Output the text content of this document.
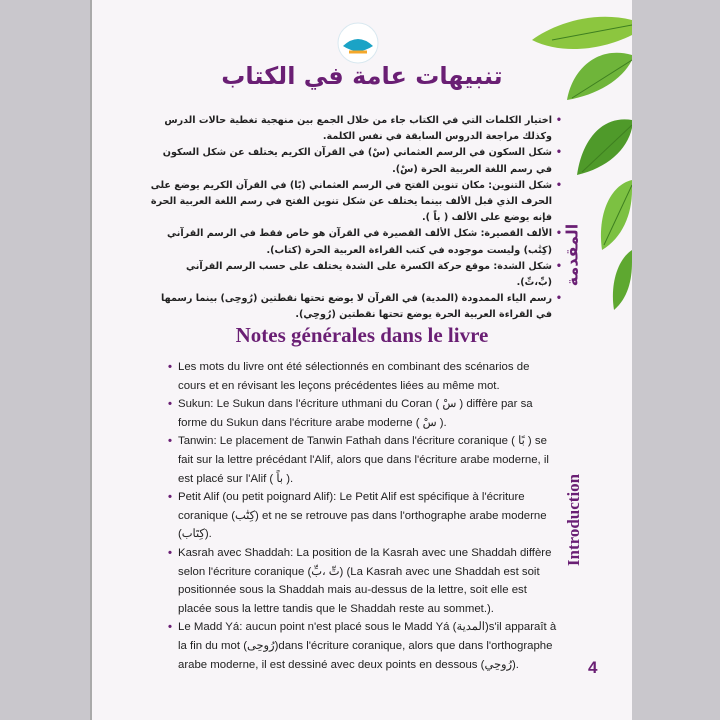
تنبيهات عامة في الكتاب
• اختيار الكلمات التي في الكتاب جاء من خلال الجمع بين منهجية تغطية حالات الدرس وكذلك مراجعة الدروس السابقة في نفس الكلمة.
• شكل السكون في الرسم العثماني (سْ) في القرآن الكريم يختلف عن شكل السكون في رسم اللغة العربية الحرة (سْ).
• شكل التنوين: مكان تنوين الفتح في الرسم العثماني (بًا) في القرآن الكريم يوضع على الحرف الذي قبل الألف بينما يختلف عن شكل تنوين الفتح في رسم اللغة العربية الحرة فإنه يوضع على الألف ( باً ).
• الألف القصيرة: شكل الألف القصيرة في القرآن هو خاص فقط في الرسم القرآني (كِتَٰب) وليست موجوده في كتب القراءة العربية الحرة (كتاب).
• شكل الشدة: موقع حركة الكسرة على الشدة يختلف على حسب الرسم القرآني (بِّ،تِّ).
• رسم الياء الممدودة (المدية) في القرآن لا يوضع تحتها نقطتين (رُوحِى) بينما رسمها في القراءة العربية الحرة يوضع تحتها نقطتين (رُوحِي).
المقدمة
Notes générales dans le livre
• Les mots du livre ont été sélectionnés en combinant des scénarios de cours et en révisant les leçons précédentes liées au même mot.
• Sukun: Le Sukun dans l'écriture uthmani du Coran ( سْ ) diffère par sa forme du Sukun dans l'écriture arabe moderne ( سْ ).
• Tanwin: Le placement de Tanwin Fathah dans l'écriture coranique ( بًا ) se fait sur la lettre précédant l'Alif, alors que dans l'écriture arabe moderne, il est placé sur l'Alif ( باً ).
• Petit Alif (ou petit poignard Alif): Le Petit Alif est spécifique à l'écriture coranique (كِتَٰب) et ne se retrouve pas dans l'orthographe arabe moderne (كِتَاب).
• Kasrah avec Shaddah: La position de la Kasrah avec une Shaddah diffère selon l'écriture coranique (تِّ ،بِّ) (La Kasrah avec une Shaddah est soit positionnée sous la Shaddah mais au-dessus de la lettre, soit elle est placée sous la lettre tandis que le Shaddah reste au sommet.).
• Le Madd Yá: aucun point n'est placé sous le Madd Yá (المدية)s'il apparaît à la fin du mot (رُوحِى)dans l'écriture coranique, alors que dans l'orthographe arabe moderne, il est dessiné avec deux points en dessous (رُوحِي).
Introduction
4
